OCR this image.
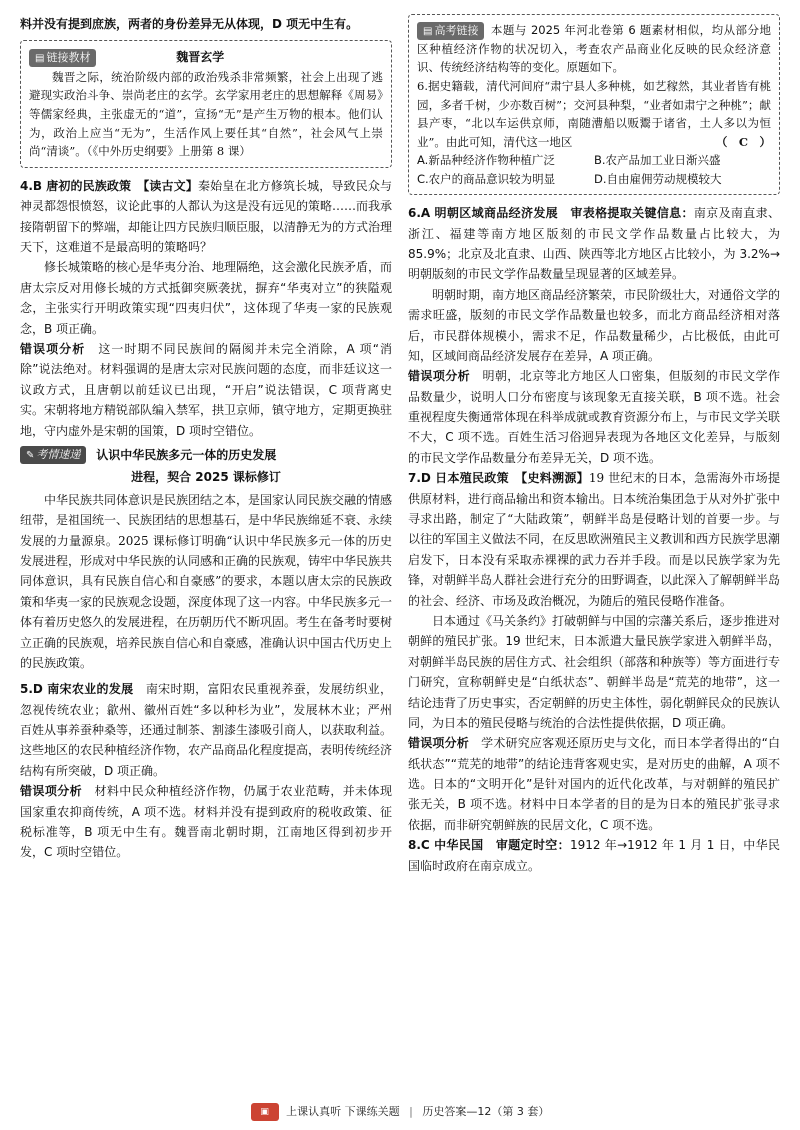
料并没有提到庶族，两者的身份差异无从体现，D 项无中生有。

▤ 链接教材	魏晋玄学

魏晋之际，统治阶级内部的政治残杀非常频繁，社会上出现了逃避现实政治斗争、崇尚老庄的玄学。玄学家用老庄的思想解释《周易》等儒家经典，主张虚无的“道”，宣扬“无”是产生万物的根本。他们认为，政治上应当“无为”，生活作风上要任其“自然”，社会风气上崇尚“清谈”。（《中外历史纲要》上册第 8 课）

4.B 唐初的民族政策　 【读古文】秦始皇在北方修筑长城，导致民众与神灵都怨恨愤怒，议论此事的人都认为这是没有远见的策略……而我承接隋朝留下的弊端，却能让四方民族归顺臣服，以清静无为的方式治理天下，这难道不是最高明的策略吗？

修长城策略的核心是华夷分治、地理隔绝，这会激化民族矛盾，而唐太宗反对用修长城的方式抵御突厥袭扰，摒弃“华夷对立”的狭隘观念，主张实行开明政策实现“四夷归伏”，这体现了华夷一家的民族观念，B 项正确。

错误项分析　 这一时期不同民族间的隔阂并未完全消除，A 项“消除”说法绝对。材料强调的是唐太宗对民族问题的态度，而非廷议这一议政方式，且唐朝以前廷议已出现，“开启”说法错误，C 项背离史实。宋朝将地方精锐部队编入禁军，拱卫京师，镇守地方，定期更换驻地，守内虚外是宋朝的国策，D 项时空错位。

✎ 考情速递 认识中华民族多元一体的历史发展
进程，契合 2025 课标修订

中华民族共同体意识是民族团结之本，是国家认同民族交融的情感纽带，是祖国统一、民族团结的思想基石，是中华民族绵延不衰、永续发展的力量源泉。2025 课标修订明确“认识中华民族多元一体的历史发展进程，形成对中华民族的认同感和正确的民族观，铸牢中华民族共同体意识，具有民族自信心和自豪感”的要求，本题以唐太宗的民族政策和华夷一家的民族观念设题，深度体现了这一内容。中华民族多元一体有着历史悠久的发展进程，在历朝历代不断巩固。考生在备考时要树立正确的民族观，培养民族自信心和自豪感，准确认识中国古代历史上的民族政策。

5.D 南宋农业的发展　 南宋时期，富阳农民重视养蚕，发展纺织业，忽视传统农业；歙州、徽州百姓“多以种杉为业”，发展林木业；严州百姓从事养蚕种桑等，还通过制茶、割漆生漆吸引商人，以获取利益。这些地区的农民种植经济作物，农产品商品化程度提高，表明传统经济结构有所突破，D 项正确。

错误项分析　 材料中民众种植经济作物，仍属于农业范畴，并未体现国家重农抑商传统，A 项不选。材料并没有提到政府的税收政策、征税标准等，B 项无中生有。魏晋南北朝时期，江南地区得到初步开发，C 项时空错位。

▤ 高考链接 本题与 2025 年河北卷第 6 题素材相似，均从部分地区种植经济作物的状况切入，考查农产品商业化反映的民众经济意识、传统经济结构等的变化。原题如下。

6.据史籍载，清代河间府“肃宁县人多种桃，如艺稼然，其业者皆有桃园，多者千树，少亦数百树”；交河县种梨，“业者如肃宁之种桃”；献县产枣，“北以车运供京师，南随漕船以贩鬻于诸省，土人多以为恒业”。由此可知，清代这一地区	（　C　）

A.新品种经济作物种植广泛	B.农产品加工业日渐兴盛
C.农户的商品意识较为明显	D.自由雇佣劳动规模较大

6.A 明朝区域商品经济发展　 审表格提取关键信息：南京及南直隶、浙江、福建等南方地区版刻的市民文学作品数量占比较大，为 85.9%；北京及北直隶、山西、陕西等北方地区占比较小，为 3.2%→明朝版刻的市民文学作品数量呈现显著的区域差异。

明朝时期，南方地区商品经济繁荣，市民阶级壮大，对通俗文学的需求旺盛，版刻的市民文学作品数量也较多，而北方商品经济相对落后，市民群体规模小，需求不足，作品数量稀少，占比极低，由此可知，区域间商品经济发展存在差异，A 项正确。

错误项分析　 明朝，北京等北方地区人口密集，但版刻的市民文学作品数量少，说明人口分布密度与该现象无直接关联，B 项不选。社会重视程度失衡通常体现在科举成就或教育资源分布上，与市民文学关联不大，C 项不选。百姓生活习俗迥异表现为各地区文化差异，与版刻的市民文学作品数量分布差异无关，D 项不选。

7.D 日本殖民政策　 【史料溯源】19 世纪末的日本，急需海外市场提供原材料，进行商品输出和资本输出。日本统治集团急于从对外扩张中寻求出路，制定了“大陆政策”，朝鲜半岛是侵略计划的首要一步。与以往的军国主义做法不同，在反思欧洲殖民主义教训和西方民族学思潮启发下，日本没有采取赤裸裸的武力吞并手段。而是以民族学家为先锋，对朝鲜半岛人群社会进行充分的田野调查，以此深入了解朝鲜半岛的社会、经济、市场及政治概况，为随后的殖民侵略作准备。

日本通过《马关条约》打破朝鲜与中国的宗藩关系后，逐步推进对朝鲜的殖民扩张。19 世纪末，日本派遣大量民族学家进入朝鲜半岛，对朝鲜半岛民族的居住方式、社会组织（部落和种族等）等方面进行专门研究，宣称朝鲜史是“白纸状态”、朝鲜半岛是“荒芜的地带”，这一结论违背了历史事实，否定朝鲜的历史主体性，弱化朝鲜民众的民族认同，为日本的殖民侵略与统治的合法性提供依据，D 项正确。

错误项分析　 学术研究应客观还原历史与文化，而日本学者得出的“白纸状态”“荒芜的地带”的结论违背客观史实，是对历史的曲解，A 项不选。日本的“文明开化”是针对国内的近代化改革，与对朝鲜的殖民扩张无关，B 项不选。材料中日本学者的目的是为日本的殖民扩张寻求依据，而非研究朝鲜族的民居文化，C 项不选。

8.C 中华民国　 审题定时空：1912 年→1912 年 1 月 1 日，中华民国临时政府在南京成立。

▣ 上课认真听 下课练关题 | 历史答案—12（第 3 套）
